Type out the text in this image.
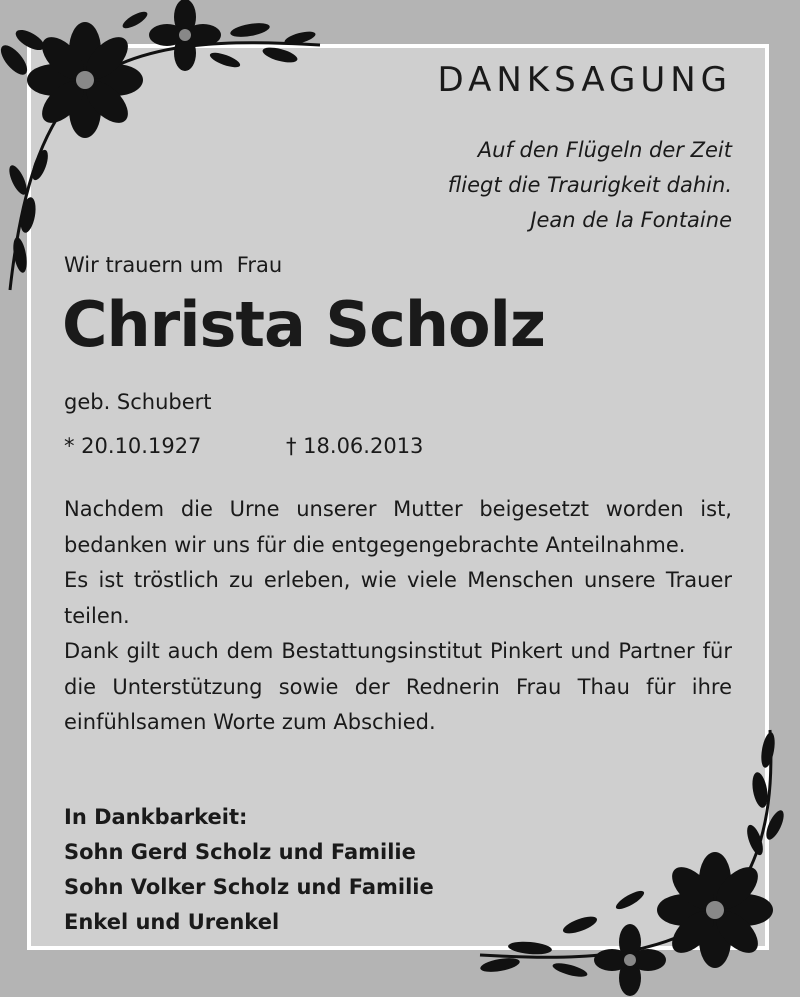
DANKSAGUNG
Auf den Flügeln der Zeit
fliegt die Traurigkeit dahin.
Jean de la Fontaine
Wir trauern um  Frau
Christa Scholz
geb. Schubert
* 20.10.1927	† 18.06.2013

Nachdem die Urne unserer Mutter beigesetzt worden ist, bedanken wir uns für die entgegengebrachte Anteilnahme.

Es ist tröstlich zu erleben, wie viele Menschen unsere Trauer teilen.

Dank gilt auch dem Bestattungsinstitut Pinkert und Partner für die Unterstützung sowie der Rednerin Frau Thau für ihre einfühlsamen Worte zum Abschied.

In Dankbarkeit:
Sohn Gerd Scholz und Familie
Sohn Volker Scholz und Familie
Enkel und Urenkel
